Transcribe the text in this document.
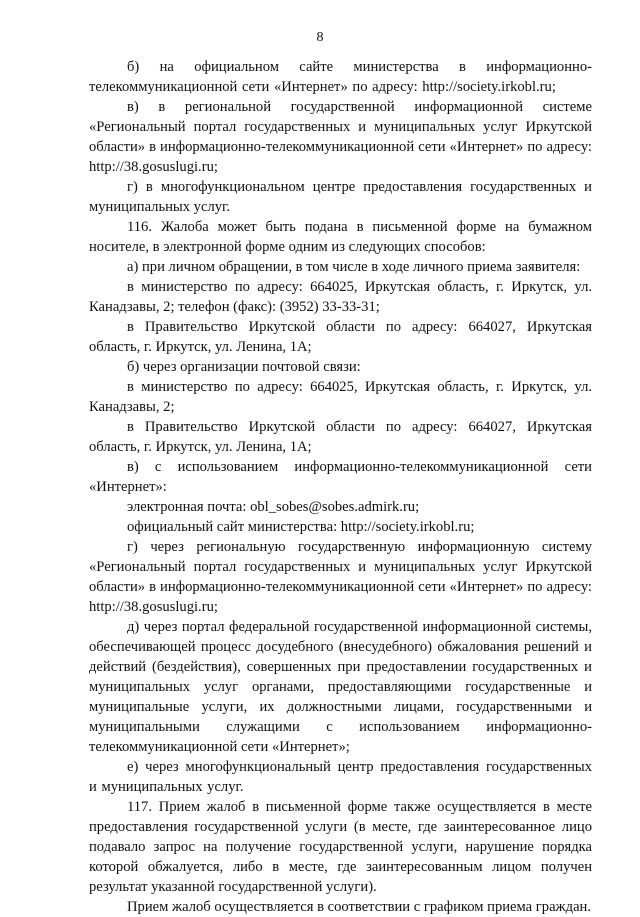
8

б) на официальном сайте министерства в информационно-телекоммуникационной сети «Интернет» по адресу: http://society.irkobl.ru;

в) в региональной государственной информационной системе «Региональный портал государственных и муниципальных услуг Иркутской области» в информационно-телекоммуникационной сети «Интернет» по адресу: http://38.gosuslugi.ru;

г) в многофункциональном центре предоставления государственных и муниципальных услуг.

116. Жалоба может быть подана в письменной форме на бумажном носителе, в электронной форме одним из следующих способов:

а) при личном обращении, в том числе в ходе личного приема заявителя:

в министерство по адресу: 664025, Иркутская область, г. Иркутск, ул. Канадзавы, 2; телефон (факс): (3952) 33-33-31;

в Правительство Иркутской области по адресу: 664027, Иркутская область, г. Иркутск, ул. Ленина, 1А;

б) через организации почтовой связи:

в министерство по адресу: 664025, Иркутская область, г. Иркутск, ул. Канадзавы, 2;

в Правительство Иркутской области по адресу: 664027, Иркутская область, г. Иркутск, ул. Ленина, 1А;

в) с использованием информационно-телекоммуникационной сети «Интернет»:

электронная почта: obl_sobes@sobes.admirk.ru;

официальный сайт министерства: http://society.irkobl.ru;

г) через региональную государственную информационную систему «Региональный портал государственных и муниципальных услуг Иркутской области» в информационно-телекоммуникационной сети «Интернет» по адресу: http://38.gosuslugi.ru;

д) через портал федеральной государственной информационной системы, обеспечивающей процесс досудебного (внесудебного) обжалования решений и действий (бездействия), совершенных при предоставлении государственных и муниципальных услуг органами, предоставляющими государственные и муниципальные услуги, их должностными лицами, государственными и муниципальными служащими с использованием информационно-телекоммуникационной сети «Интернет»;

е) через многофункциональный центр предоставления государственных и муниципальных услуг.

117. Прием жалоб в письменной форме также осуществляется в месте предоставления государственной услуги (в месте, где заинтересованное лицо подавало запрос на получение государственной услуги, нарушение порядка которой обжалуется, либо в месте, где заинтересованным лицом получен результат указанной государственной услуги).

Прием жалоб осуществляется в соответствии с графиком приема граждан.
